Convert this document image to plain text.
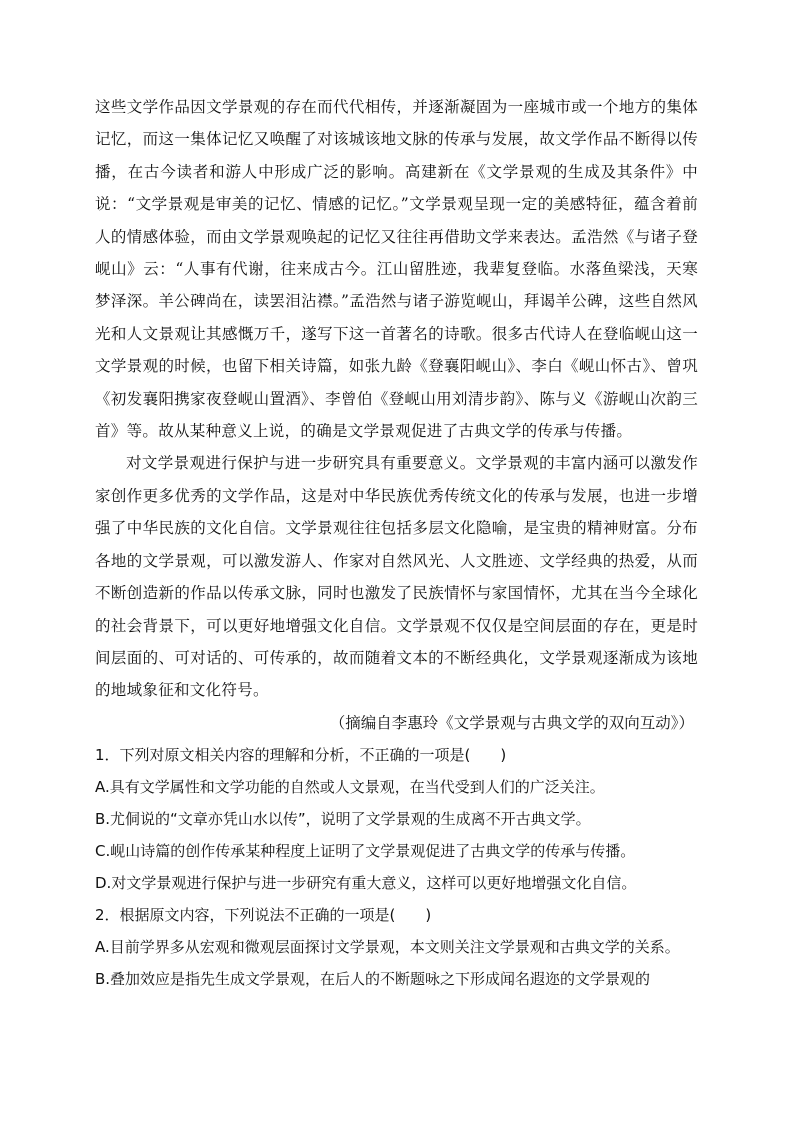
这些文学作品因文学景观的存在而代代相传，并逐渐凝固为一座城市或一个地方的集体记忆，而这一集体记忆又唤醒了对该城该地文脉的传承与发展，故文学作品不断得以传播，在古今读者和游人中形成广泛的影响。高建新在《文学景观的生成及其条件》中说：“文学景观是审美的记忆、情感的记忆。”文学景观呈现一定的美感特征，蕴含着前人的情感体验，而由文学景观唤起的记忆又往往再借助文学来表达。孟浩然《与诸子登岘山》云：“人事有代谢，往来成古今。江山留胜迹，我辈复登临。水落鱼梁浅，天寒梦泽深。羊公碑尚在，读罢泪沾襟。”孟浩然与诸子游览岘山，拜谒羊公碑，这些自然风光和人文景观让其感慨万千，遂写下这一首著名的诗歌。很多古代诗人在登临岘山这一文学景观的时候，也留下相关诗篇，如张九龄《登襄阳岘山》、李白《岘山怀古》、曾巩《初发襄阳携家夜登岘山置酒》、李曾伯《登岘山用刘清步韵》、陈与义《游岘山次韵三首》等。故从某种意义上说，的确是文学景观促进了古典文学的传承与传播。

对文学景观进行保护与进一步研究具有重要意义。文学景观的丰富内涵可以激发作家创作更多优秀的文学作品，这是对中华民族优秀传统文化的传承与发展，也进一步增强了中华民族的文化自信。文学景观往往包括多层文化隐喻，是宝贵的精神财富。分布各地的文学景观，可以激发游人、作家对自然风光、人文胜迹、文学经典的热爱，从而不断创造新的作品以传承文脉，同时也激发了民族情怀与家国情怀，尤其在当今全球化的社会背景下，可以更好地增强文化自信。文学景观不仅仅是空间层面的存在，更是时间层面的、可对话的、可传承的，故而随着文本的不断经典化，文学景观逐渐成为该地的地域象征和文化符号。

（摘编自李惠玲《文学景观与古典文学的双向互动》）

1．下列对原文相关内容的理解和分析，不正确的一项是(　　)

A.具有文学属性和文学功能的自然或人文景观，在当代受到人们的广泛关注。

B.尤侗说的“文章亦凭山水以传”，说明了文学景观的生成离不开古典文学。

C.岘山诗篇的创作传承某种程度上证明了文学景观促进了古典文学的传承与传播。

D.对文学景观进行保护与进一步研究有重大意义，这样可以更好地增强文化自信。

2．根据原文内容，下列说法不正确的一项是(　　)

A.目前学界多从宏观和微观层面探讨文学景观，本文则关注文学景观和古典文学的关系。

B.叠加效应是指先生成文学景观，在后人的不断题咏之下形成闻名遐迩的文学景观的
